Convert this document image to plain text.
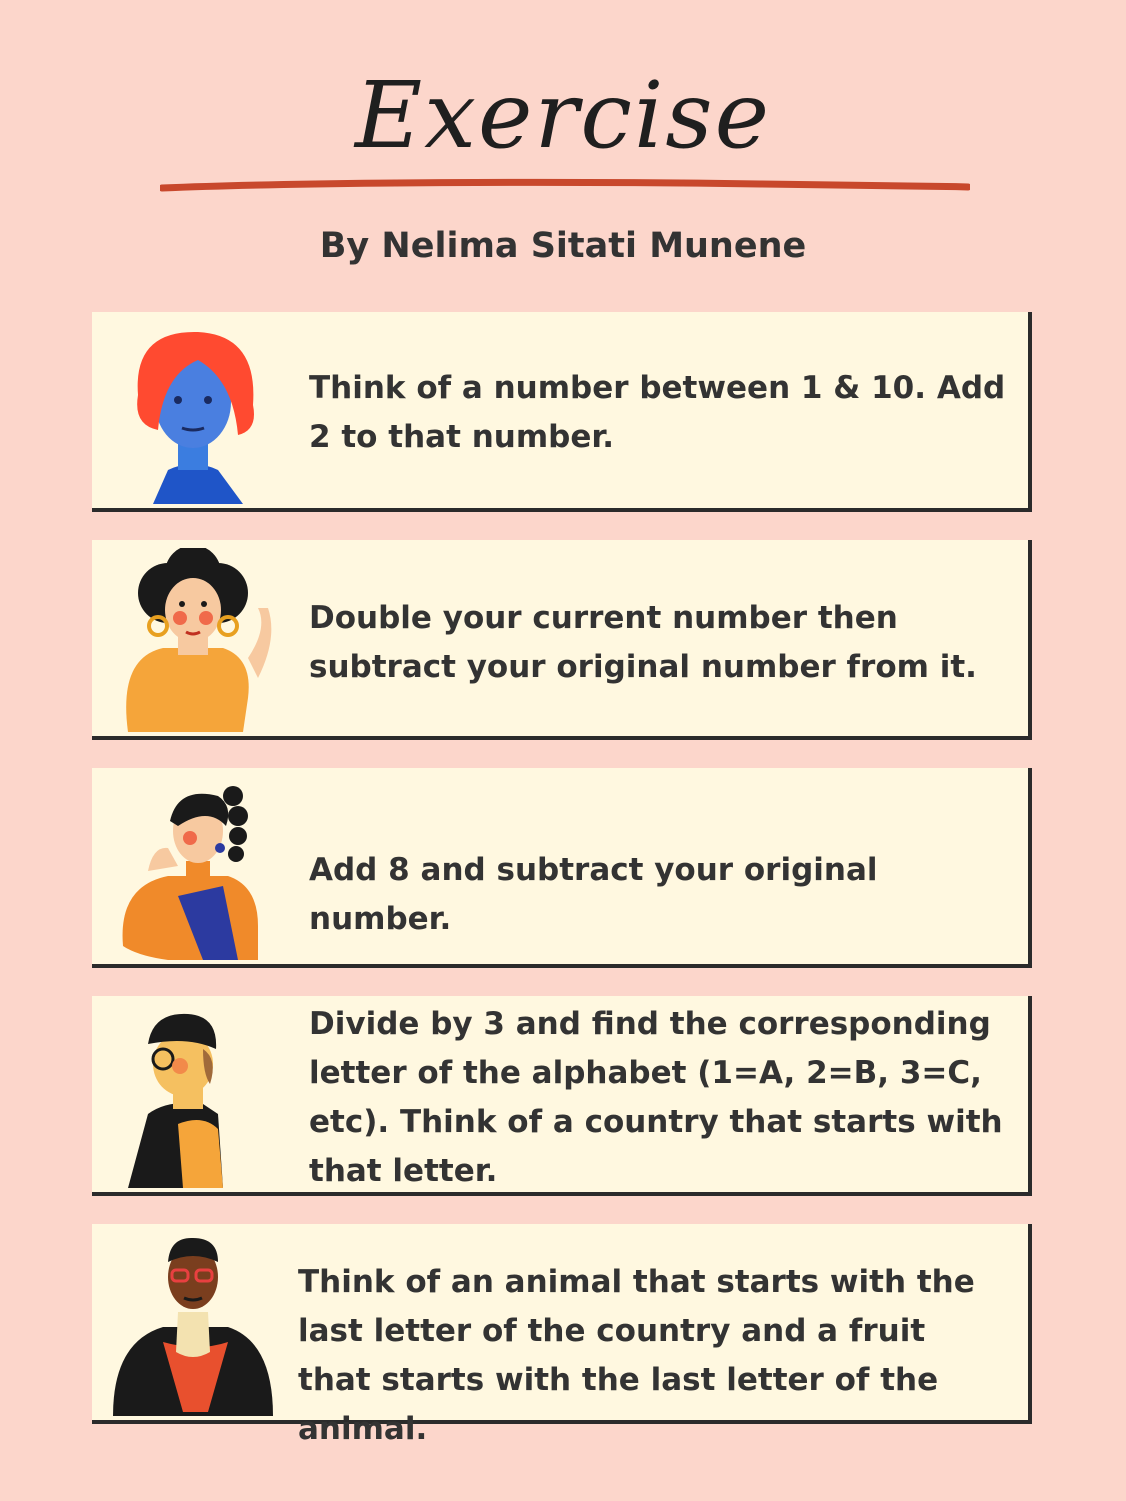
Exercise
By Nelima Sitati Munene
Think of a number between 1 & 10. Add 2 to that number.
Double your current number then subtract your original number from it.
Add 8 and subtract your original number.
Divide by 3 and find the corresponding letter of the alphabet (1=A, 2=B, 3=C, etc). Think of a country that starts with that letter.
Think of an animal that starts with the last letter of the country and a fruit that starts with the last letter of the animal.
